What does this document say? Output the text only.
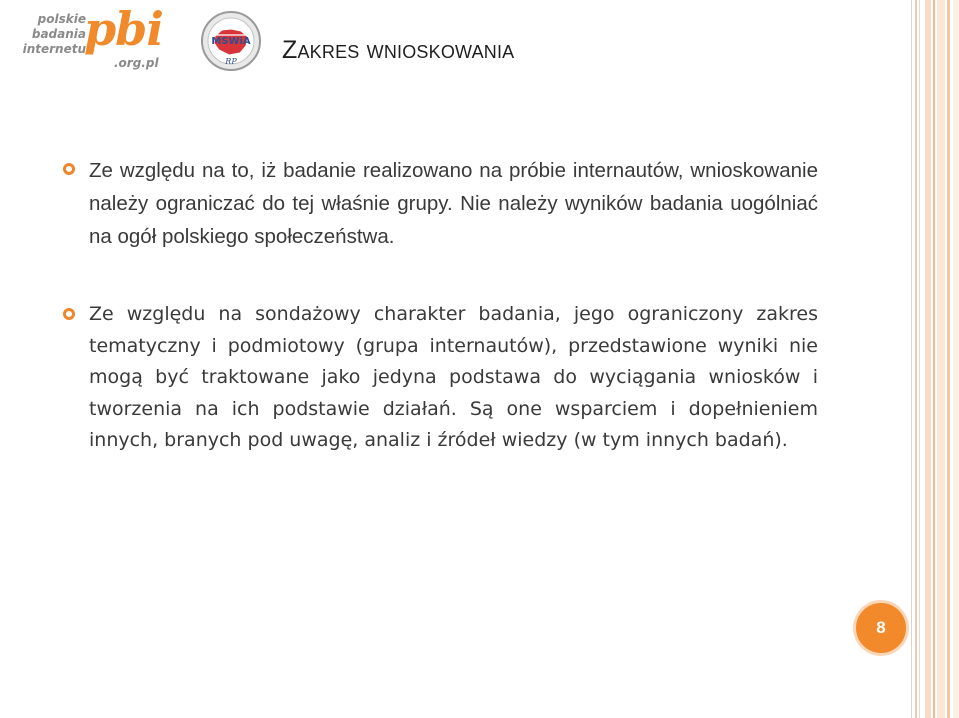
polskie
badania
internetu
pbi
.org.pl
MSWiA
RP Zakres wnioskowania

Ze względu na to, iż badanie realizowano na próbie internautów, wnioskowanie należy ograniczać do tej właśnie grupy. Nie należy wyników badania uogólniać na ogół polskiego społeczeństwa.

Ze względu na sondażowy charakter badania, jego ograniczony zakres tematyczny i podmiotowy (grupa internautów), przedstawione wyniki nie mogą być traktowane jako jedyna podstawa do wyciągania wniosków i tworzenia na ich podstawie działań. Są one wsparciem i dopełnieniem innych, branych pod uwagę, analiz i źródeł wiedzy (w tym innych badań).

8
